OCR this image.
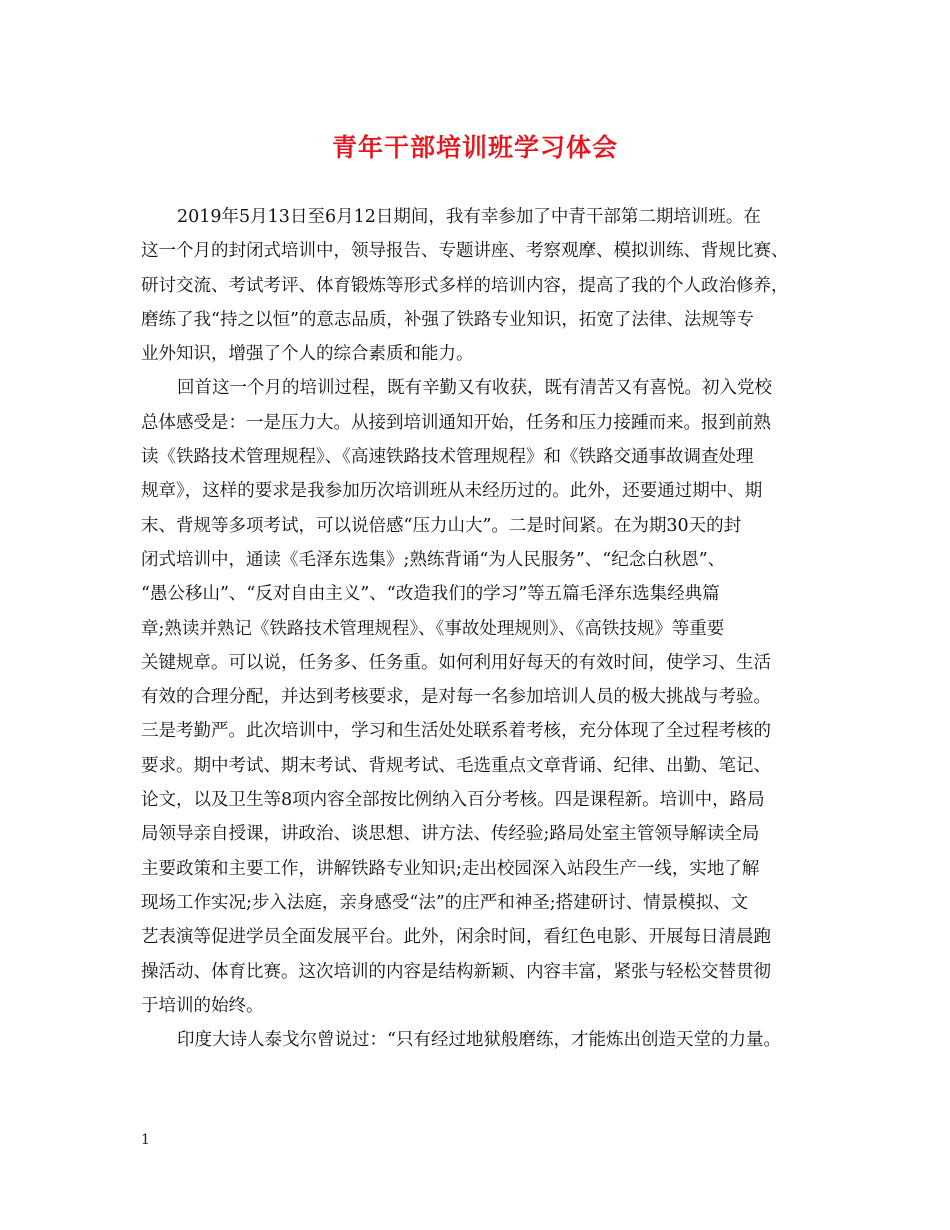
青年干部培训班学习体会
2019年5月13日至6月12日期间，我有幸参加了中青干部第二期培训班。在
这一个月的封闭式培训中，领导报告、专题讲座、考察观摩、模拟训练、背规比赛、
研讨交流、考试考评、体育锻炼等形式多样的培训内容，提高了我的个人政治修养，
磨练了我“持之以恒”的意志品质，补强了铁路专业知识，拓宽了法律、法规等专
业外知识，增强了个人的综合素质和能力。
回首这一个月的培训过程，既有辛勤又有收获，既有清苦又有喜悦。初入党校
总体感受是：一是压力大。从接到培训通知开始，任务和压力接踵而来。报到前熟
读《铁路技术管理规程》、《高速铁路技术管理规程》和《铁路交通事故调查处理
规章》，这样的要求是我参加历次培训班从未经历过的。此外，还要通过期中、期
末、背规等多项考试，可以说倍感“压力山大”。二是时间紧。在为期30天的封
闭式培训中，通读《毛泽东选集》;熟练背诵“为人民服务”、“纪念白秋恩”、
“愚公移山”、“反对自由主义”、“改造我们的学习”等五篇毛泽东选集经典篇
章;熟读并熟记《铁路技术管理规程》、《事故处理规则》、《高铁技规》等重要
关键规章。可以说，任务多、任务重。如何利用好每天的有效时间，使学习、生活
有效的合理分配，并达到考核要求，是对每一名参加培训人员的极大挑战与考验。
三是考勤严。此次培训中，学习和生活处处联系着考核，充分体现了全过程考核的
要求。期中考试、期末考试、背规考试、毛选重点文章背诵、纪律、出勤、笔记、
论文，以及卫生等8项内容全部按比例纳入百分考核。四是课程新。培训中，路局
局领导亲自授课，讲政治、谈思想、讲方法、传经验;路局处室主管领导解读全局
主要政策和主要工作，讲解铁路专业知识;走出校园深入站段生产一线，实地了解
现场工作实况;步入法庭，亲身感受“法”的庄严和神圣;搭建研讨、情景模拟、文
艺表演等促进学员全面发展平台。此外，闲余时间，看红色电影、开展每日清晨跑
操活动、体育比赛。这次培训的内容是结构新颖、内容丰富，紧张与轻松交替贯彻
于培训的始终。
印度大诗人泰戈尔曾说过：“只有经过地狱般磨练，才能炼出创造天堂的力量。
1
